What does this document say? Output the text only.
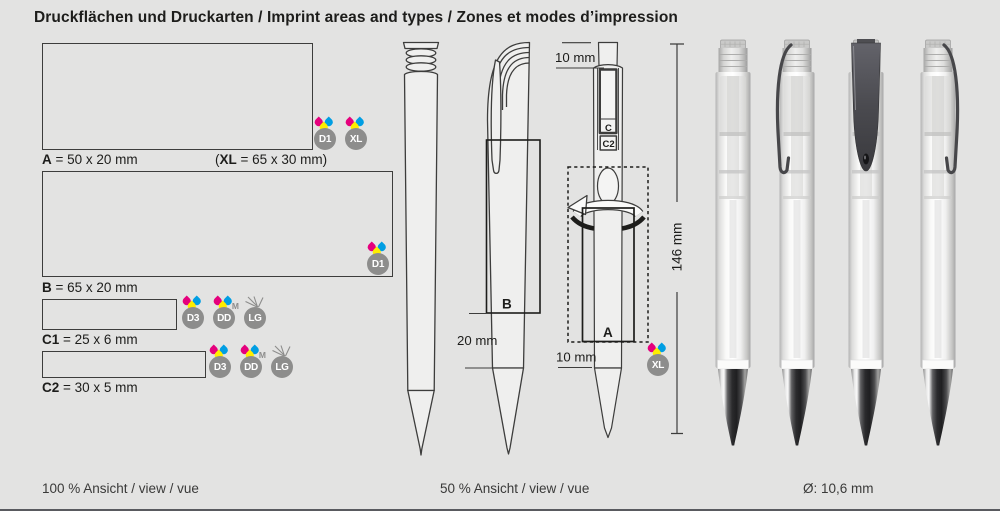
Druckflächen und Druckarten / Imprint areas and types / Zones et modes d’impression
D1	XL
A = 50 x 20 mm	(XL = 65 x 30 mm)
D1
B = 65 x 20 mm
D3
M
DD	LG
C1 = 25 x 6 mm
D3
M
DD	LG
C2 = 30 x 5 mm
B
20 mm
C
C2
A
10 mm
10 mm
146 mm
XL
100 % Ansicht / view / vue	50 % Ansicht / view / vue	Ø: 10,6 mm
